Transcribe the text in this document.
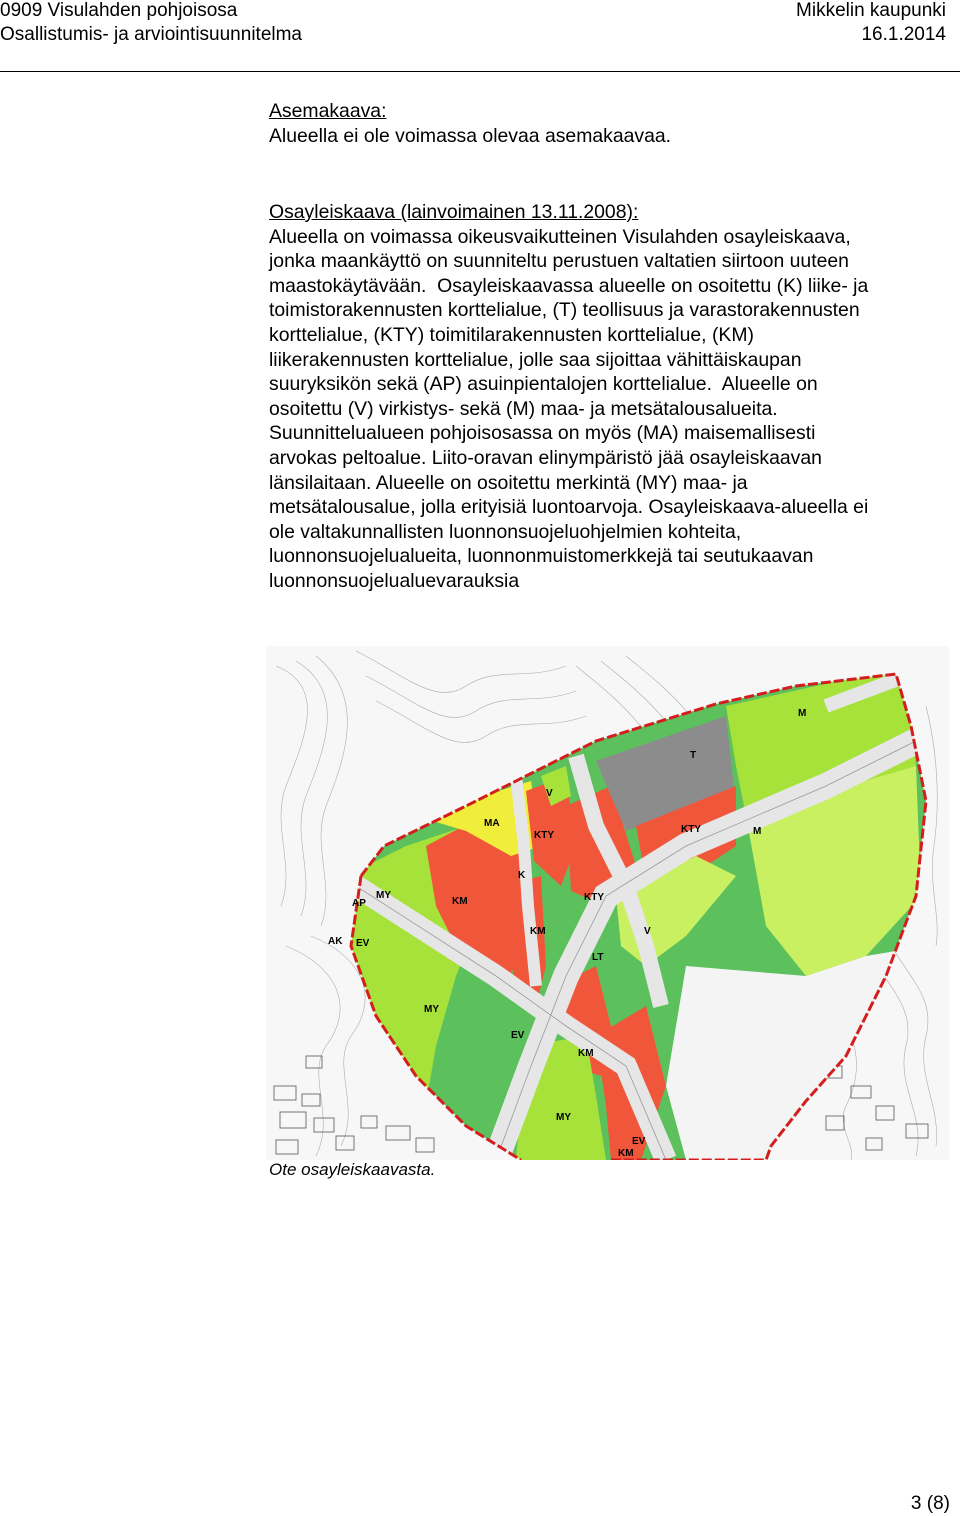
0909 Visulahden pohjoisosa
Osallistumis- ja arviointisuunnitelma
Mikkelin kaupunki
16.1.2014
Asemakaava:
Alueella ei ole voimassa olevaa asemakaavaa.
Osayleiskaava (lainvoimainen 13.11.2008):
Alueella on voimassa oikeusvaikutteinen Visulahden osayleiskaava,
jonka maankäyttö on suunniteltu perustuen valtatien siirtoon uuteen
maastokäytävään.  Osayleiskaavassa alueelle on osoitettu (K) liike- ja
toimistorakennusten korttelialue, (T) teollisuus ja varastorakennusten
korttelialue, (KTY) toimitilarakennusten korttelialue, (KM)
liikerakennusten korttelialue, jolle saa sijoittaa vähittäiskaupan
suuryksikön sekä (AP) asuinpientalojen korttelialue.  Alueelle on
osoitettu (V) virkistys- sekä (M) maa- ja metsätalousalueita.
Suunnittelualueen pohjoisosassa on myös (MA) maisemallisesti
arvokas peltoalue. Liito-oravan elinympäristö jää osayleiskaavan
länsilaitaan. Alueelle on osoitettu merkintä (MY) maa- ja
metsätalousalue, jolla erityisiä luontoarvoja. Osayleiskaava-alueella ei
ole valtakunnallisten luonnonsuojeluohjelmien kohteita,
luonnonsuojelualueita, luonnonmuistomerkkejä tai seutukaavan
luonnonsuojelualuevarauksia
MA
KTY
KTY
KTY
K
KM
KM
KM
KM
T
M
M
V
V
MY
MY
MY
AP
AK EV
EV
EV
LT
Ote osayleiskaavasta.
3 (8)
